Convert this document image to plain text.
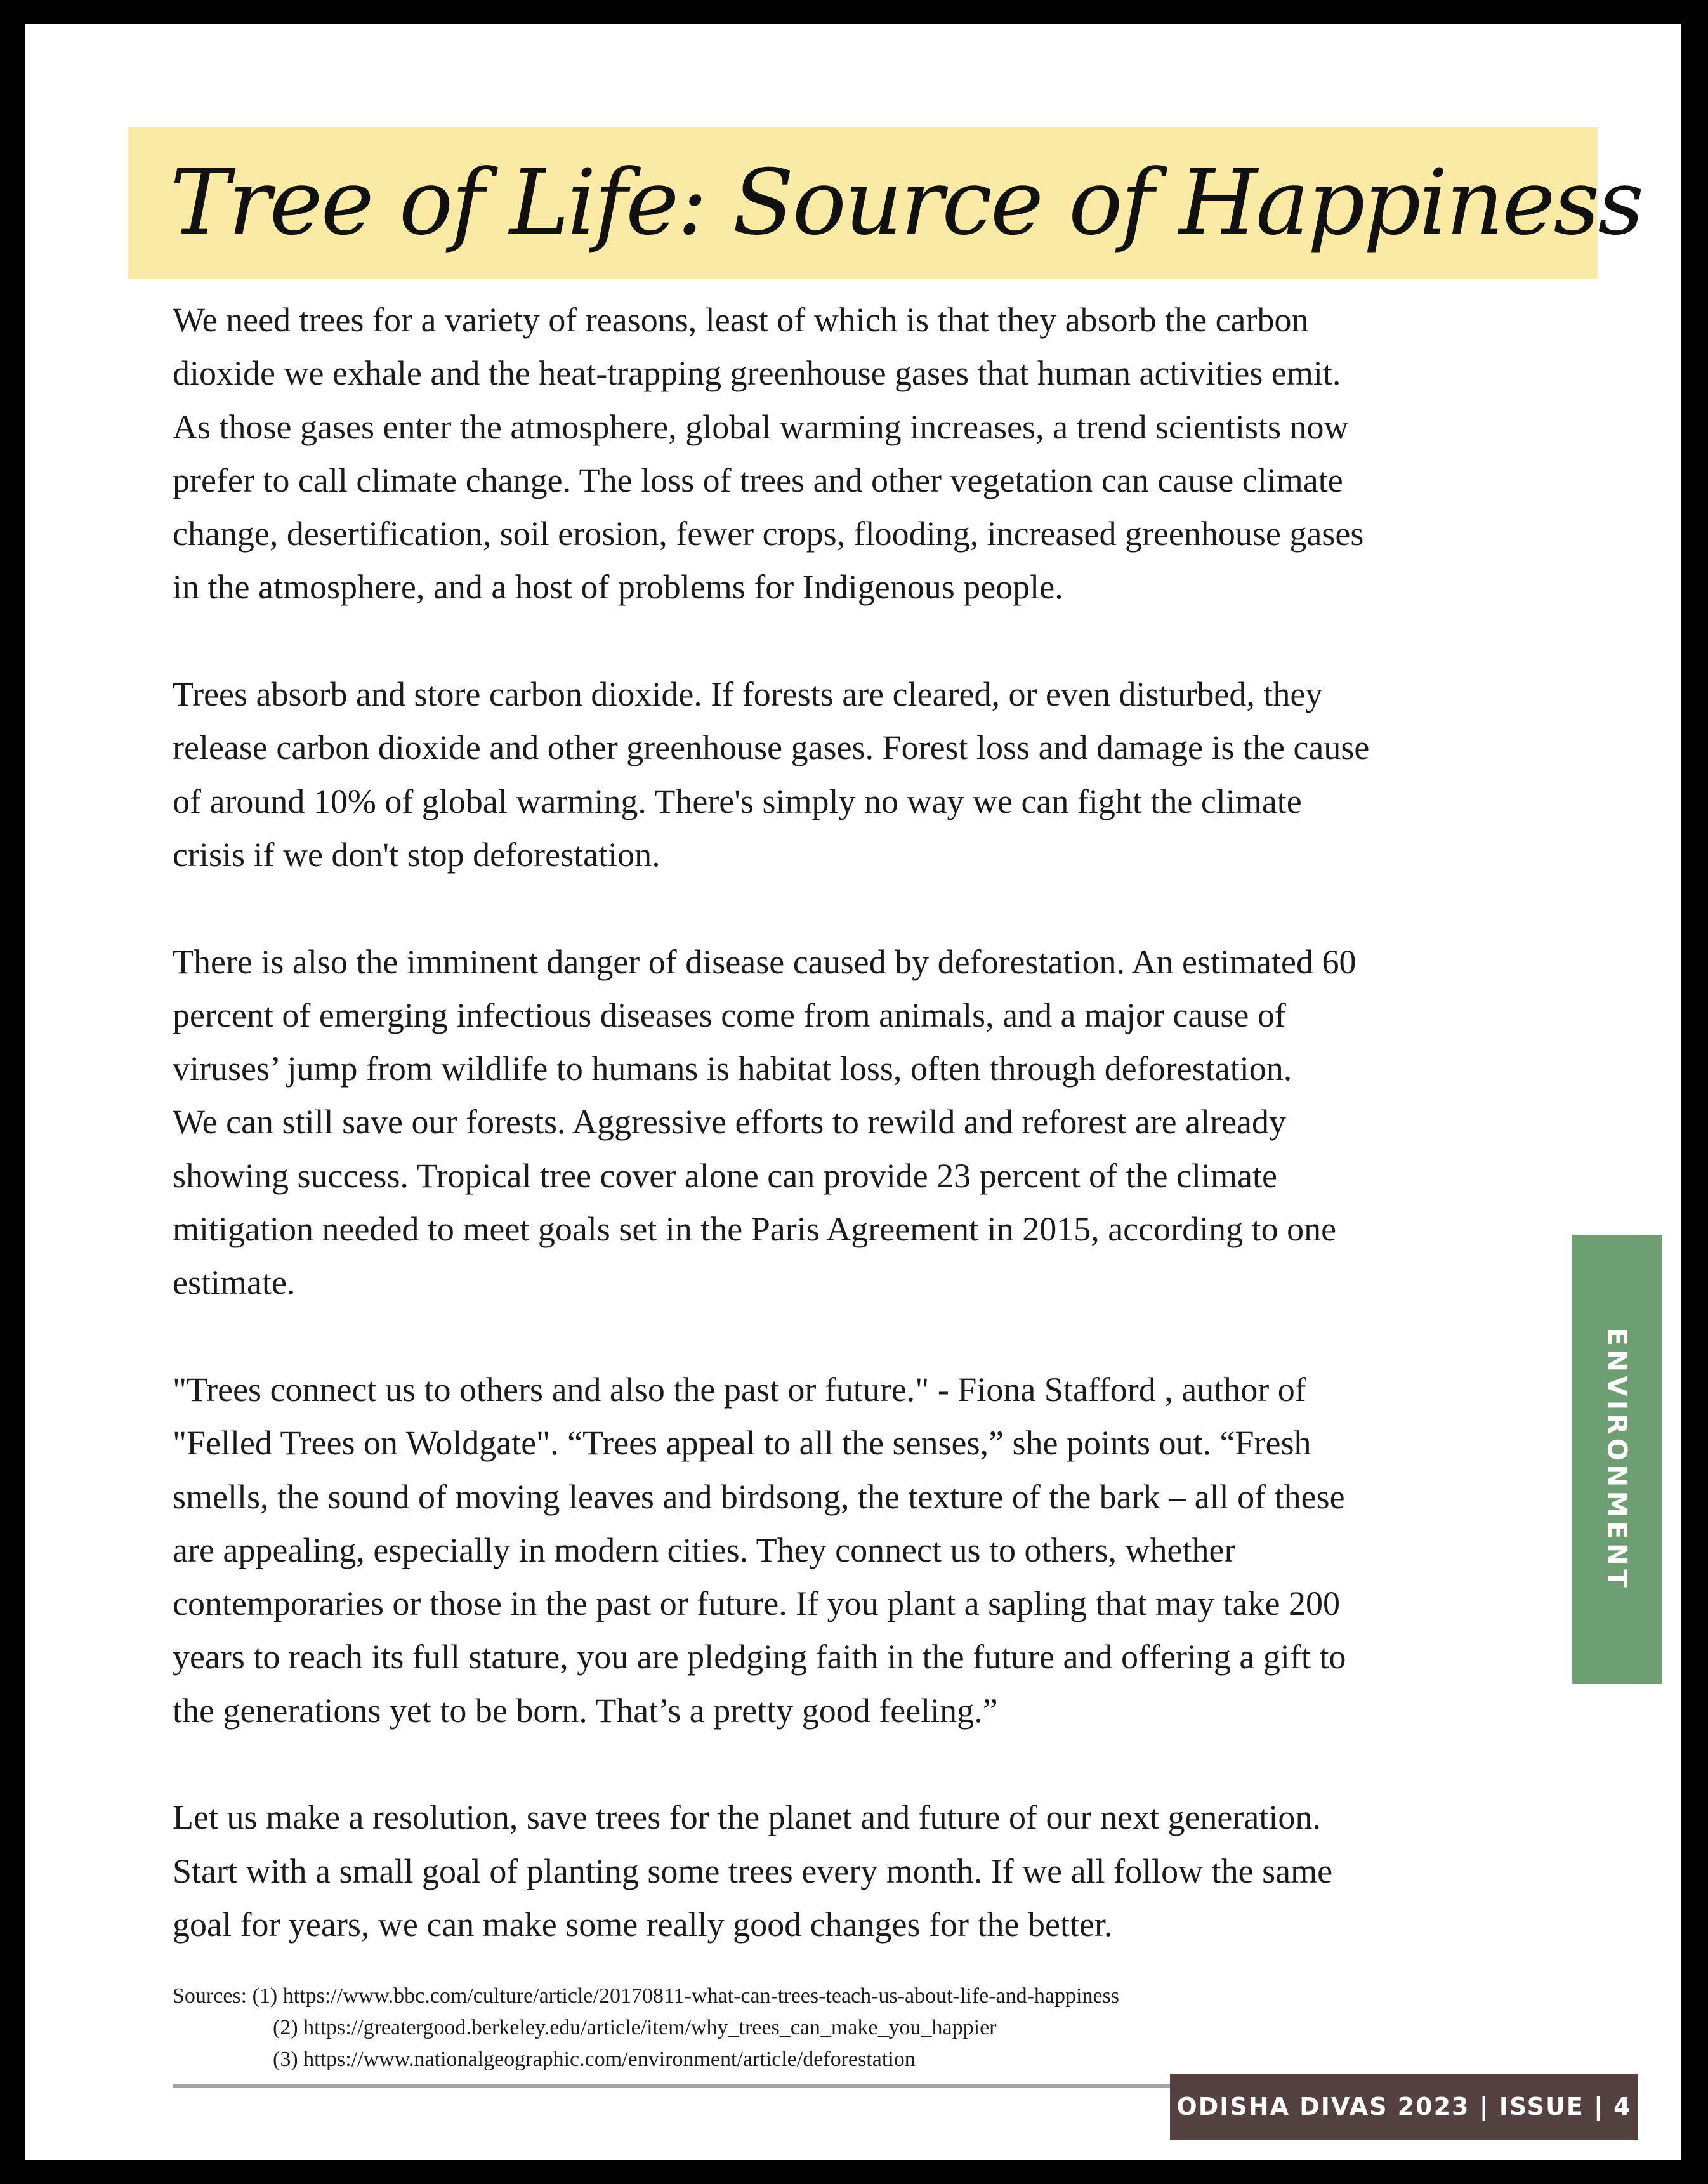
Tree of Life: Source of Happiness

We need trees for a variety of reasons, least of which is that they absorb the carbon
dioxide we exhale and the heat-trapping greenhouse gases that human activities emit.
As those gases enter the atmosphere, global warming increases, a trend scientists now
prefer to call climate change. The loss of trees and other vegetation can cause climate
change, desertification, soil erosion, fewer crops, flooding, increased greenhouse gases
in the atmosphere, and a host of problems for Indigenous people.

Trees absorb and store carbon dioxide. If forests are cleared, or even disturbed, they
release carbon dioxide and other greenhouse gases. Forest loss and damage is the cause
of around 10% of global warming. There's simply no way we can fight the climate
crisis if we don't stop deforestation.

There is also the imminent danger of disease caused by deforestation. An estimated 60
percent of emerging infectious diseases come from animals, and a major cause of
viruses’ jump from wildlife to humans is habitat loss, often through deforestation.
We can still save our forests. Aggressive efforts to rewild and reforest are already
showing success. Tropical tree cover alone can provide 23 percent of the climate
mitigation needed to meet goals set in the Paris Agreement in 2015, according to one
estimate.

"Trees connect us to others and also the past or future." - Fiona Stafford , author of
"Felled Trees on Woldgate". “Trees appeal to all the senses,” she points out. “Fresh
smells, the sound of moving leaves and birdsong, the texture of the bark – all of these
are appealing, especially in modern cities. They connect us to others, whether
contemporaries or those in the past or future. If you plant a sapling that may take 200
years to reach its full stature, you are pledging faith in the future and offering a gift to
the generations yet to be born. That’s a pretty good feeling.”

Let us make a resolution, save trees for the planet and future of our next generation.
Start with a small goal of planting some trees every month. If we all follow the same
goal for years, we can make some really good changes for the better.

Sources: (1) https://www.bbc.com/culture/article/20170811-what-can-trees-teach-us-about-life-and-happiness
(2) https://greatergood.berkeley.edu/article/item/why_trees_can_make_you_happier
(3) https://www.nationalgeographic.com/environment/article/deforestation
ODISHA DIVAS 2023 | ISSUE | 4
ENVIRONMENT
